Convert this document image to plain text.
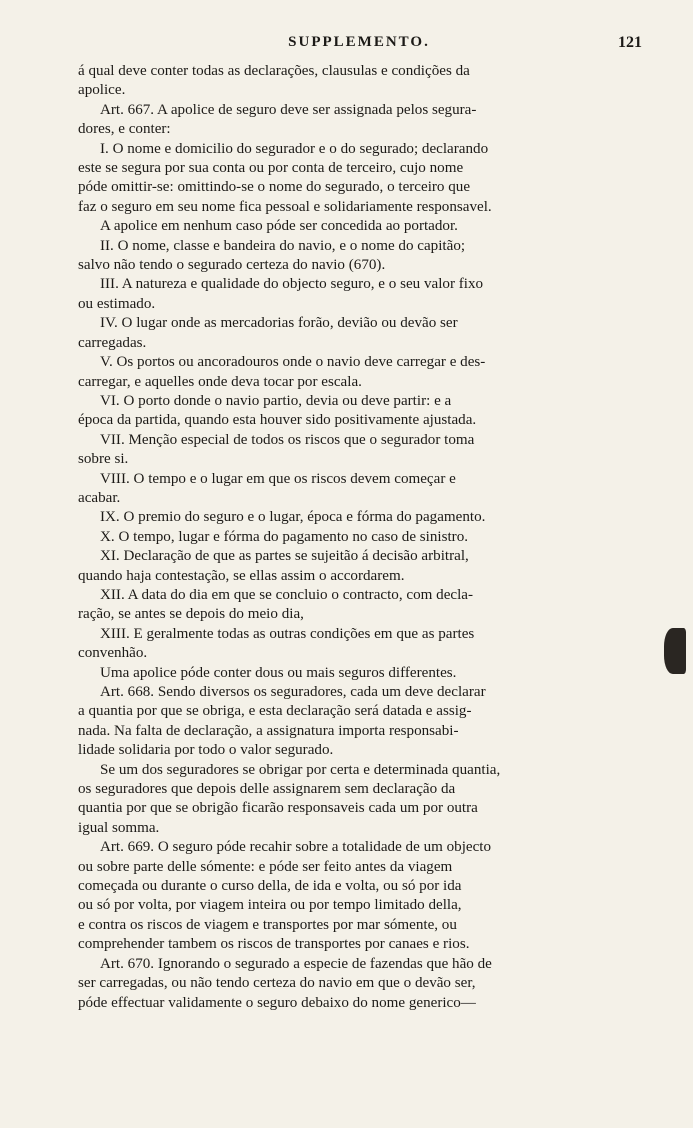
SUPPLEMENTO.	121

á qual deve conter todas as declarações, clausulas e condições da

apolice.

Art. 667. A apolice de seguro deve ser assignada pelos segura-

dores, e conter:

I. O nome e domicilio do segurador e o do segurado; declarando

este se segura por sua conta ou por conta de terceiro, cujo nome

póde omittir-se: omittindo-se o nome do segurado, o terceiro que

faz o seguro em seu nome fica pessoal e solidariamente responsavel.

A apolice em nenhum caso póde ser concedida ao portador.

II. O nome, classe e bandeira do navio, e o nome do capitão;

salvo não tendo o segurado certeza do navio (670).

III. A natureza e qualidade do objecto seguro, e o seu valor fixo

ou estimado.

IV. O lugar onde as mercadorias forão, devião ou devão ser

carregadas.

V. Os portos ou ancoradouros onde o navio deve carregar e des-

carregar, e aquelles onde deva tocar por escala.

VI. O porto donde o navio partio, devia ou deve partir: e a

época da partida, quando esta houver sido positivamente ajustada.

VII. Menção especial de todos os riscos que o segurador toma

sobre si.

VIII. O tempo e o lugar em que os riscos devem começar e

acabar.

IX. O premio do seguro e o lugar, época e fórma do pagamento.

X. O tempo, lugar e fórma do pagamento no caso de sinistro.

XI. Declaração de que as partes se sujeitão á decisão arbitral,

quando haja contestação, se ellas assim o accordarem.

XII. A data do dia em que se concluio o contracto, com decla-

ração, se antes se depois do meio dia,

XIII. E geralmente todas as outras condições em que as partes

convenhão.

Uma apolice póde conter dous ou mais seguros differentes.

Art. 668. Sendo diversos os seguradores, cada um deve declarar

a quantia por que se obriga, e esta declaração será datada e assig-

nada. Na falta de declaração, a assignatura importa responsabi-

lidade solidaria por todo o valor segurado.

Se um dos seguradores se obrigar por certa e determinada quantia,

os seguradores que depois delle assignarem sem declaração da

quantia por que se obrigão ficarão responsaveis cada um por outra

igual somma.

Art. 669. O seguro póde recahir sobre a totalidade de um objecto

ou sobre parte delle sómente: e póde ser feito antes da viagem

começada ou durante o curso della, de ida e volta, ou só por ida

ou só por volta, por viagem inteira ou por tempo limitado della,

e contra os riscos de viagem e transportes por mar sómente, ou

comprehender tambem os riscos de transportes por canaes e rios.

Art. 670. Ignorando o segurado a especie de fazendas que hão de

ser carregadas, ou não tendo certeza do navio em que o devão ser,

póde effectuar validamente o seguro debaixo do nome generico—
